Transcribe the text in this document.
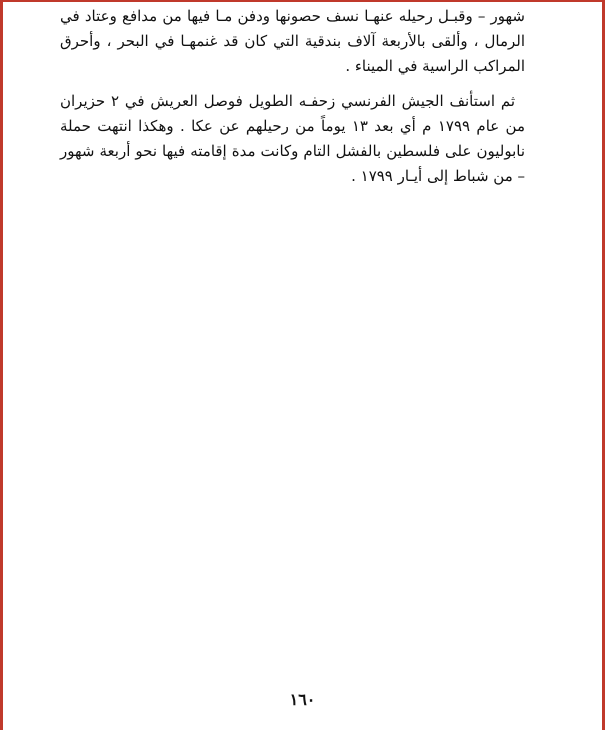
شهور – وقبـل رحيله عنهـا نسف حصونها ودفن مـا فيها من مدافع وعتاد في الرمال ، وألقى بالأربعة آلاف بندقية التي كان قد غنمهـا في البحر ، وأحرق المراكب الراسية في الميناء .

ثم استأنف الجيش الفرنسي زحفـه الطويل فوصل العريش في ٢ حزيران من عام ١٧٩٩ م أي بعد ١٣ يوماً من رحيلهم عن عكا . وهكذا انتهت حملة نابوليون على فلسطين بالفشل التام وكانت مدة إقامته فيها نحو أربعة شهور – من شباط إلى أيـار ١٧٩٩ .

١٦٠
